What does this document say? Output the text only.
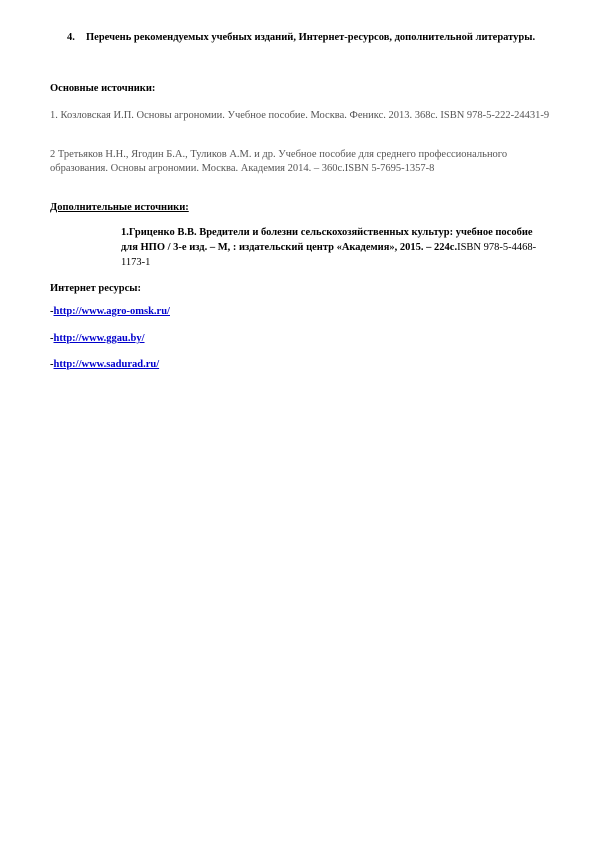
4. Перечень рекомендуемых учебных изданий, Интернет-ресурсов, дополнительной литературы.
Основные источники:
1. Козловская И.П. Основы агрономии. Учебное пособие. Москва. Феникс. 2013. 368с. ISBN 978-5-222-24431-9
2 Третьяков Н.Н., Ягодин Б.А., Туликов А.М. и др. Учебное пособие для среднего профессионального образования. Основы агрономии. Москва. Академия 2014. – 360с.ISBN 5-7695-1357-8
Дополнительные источники:
1.Гриценко В.В. Вредители и болезни сельскохозяйственных культур: учебное пособие для НПО / 3-е изд. – М, : издательский центр «Академия», 2015. – 224с.ISBN 978-5-4468-1173-1
Интернет ресурсы:
-http://www.agro-omsk.ru/
-http://www.ggau.by/
-http://www.sadurad.ru/
